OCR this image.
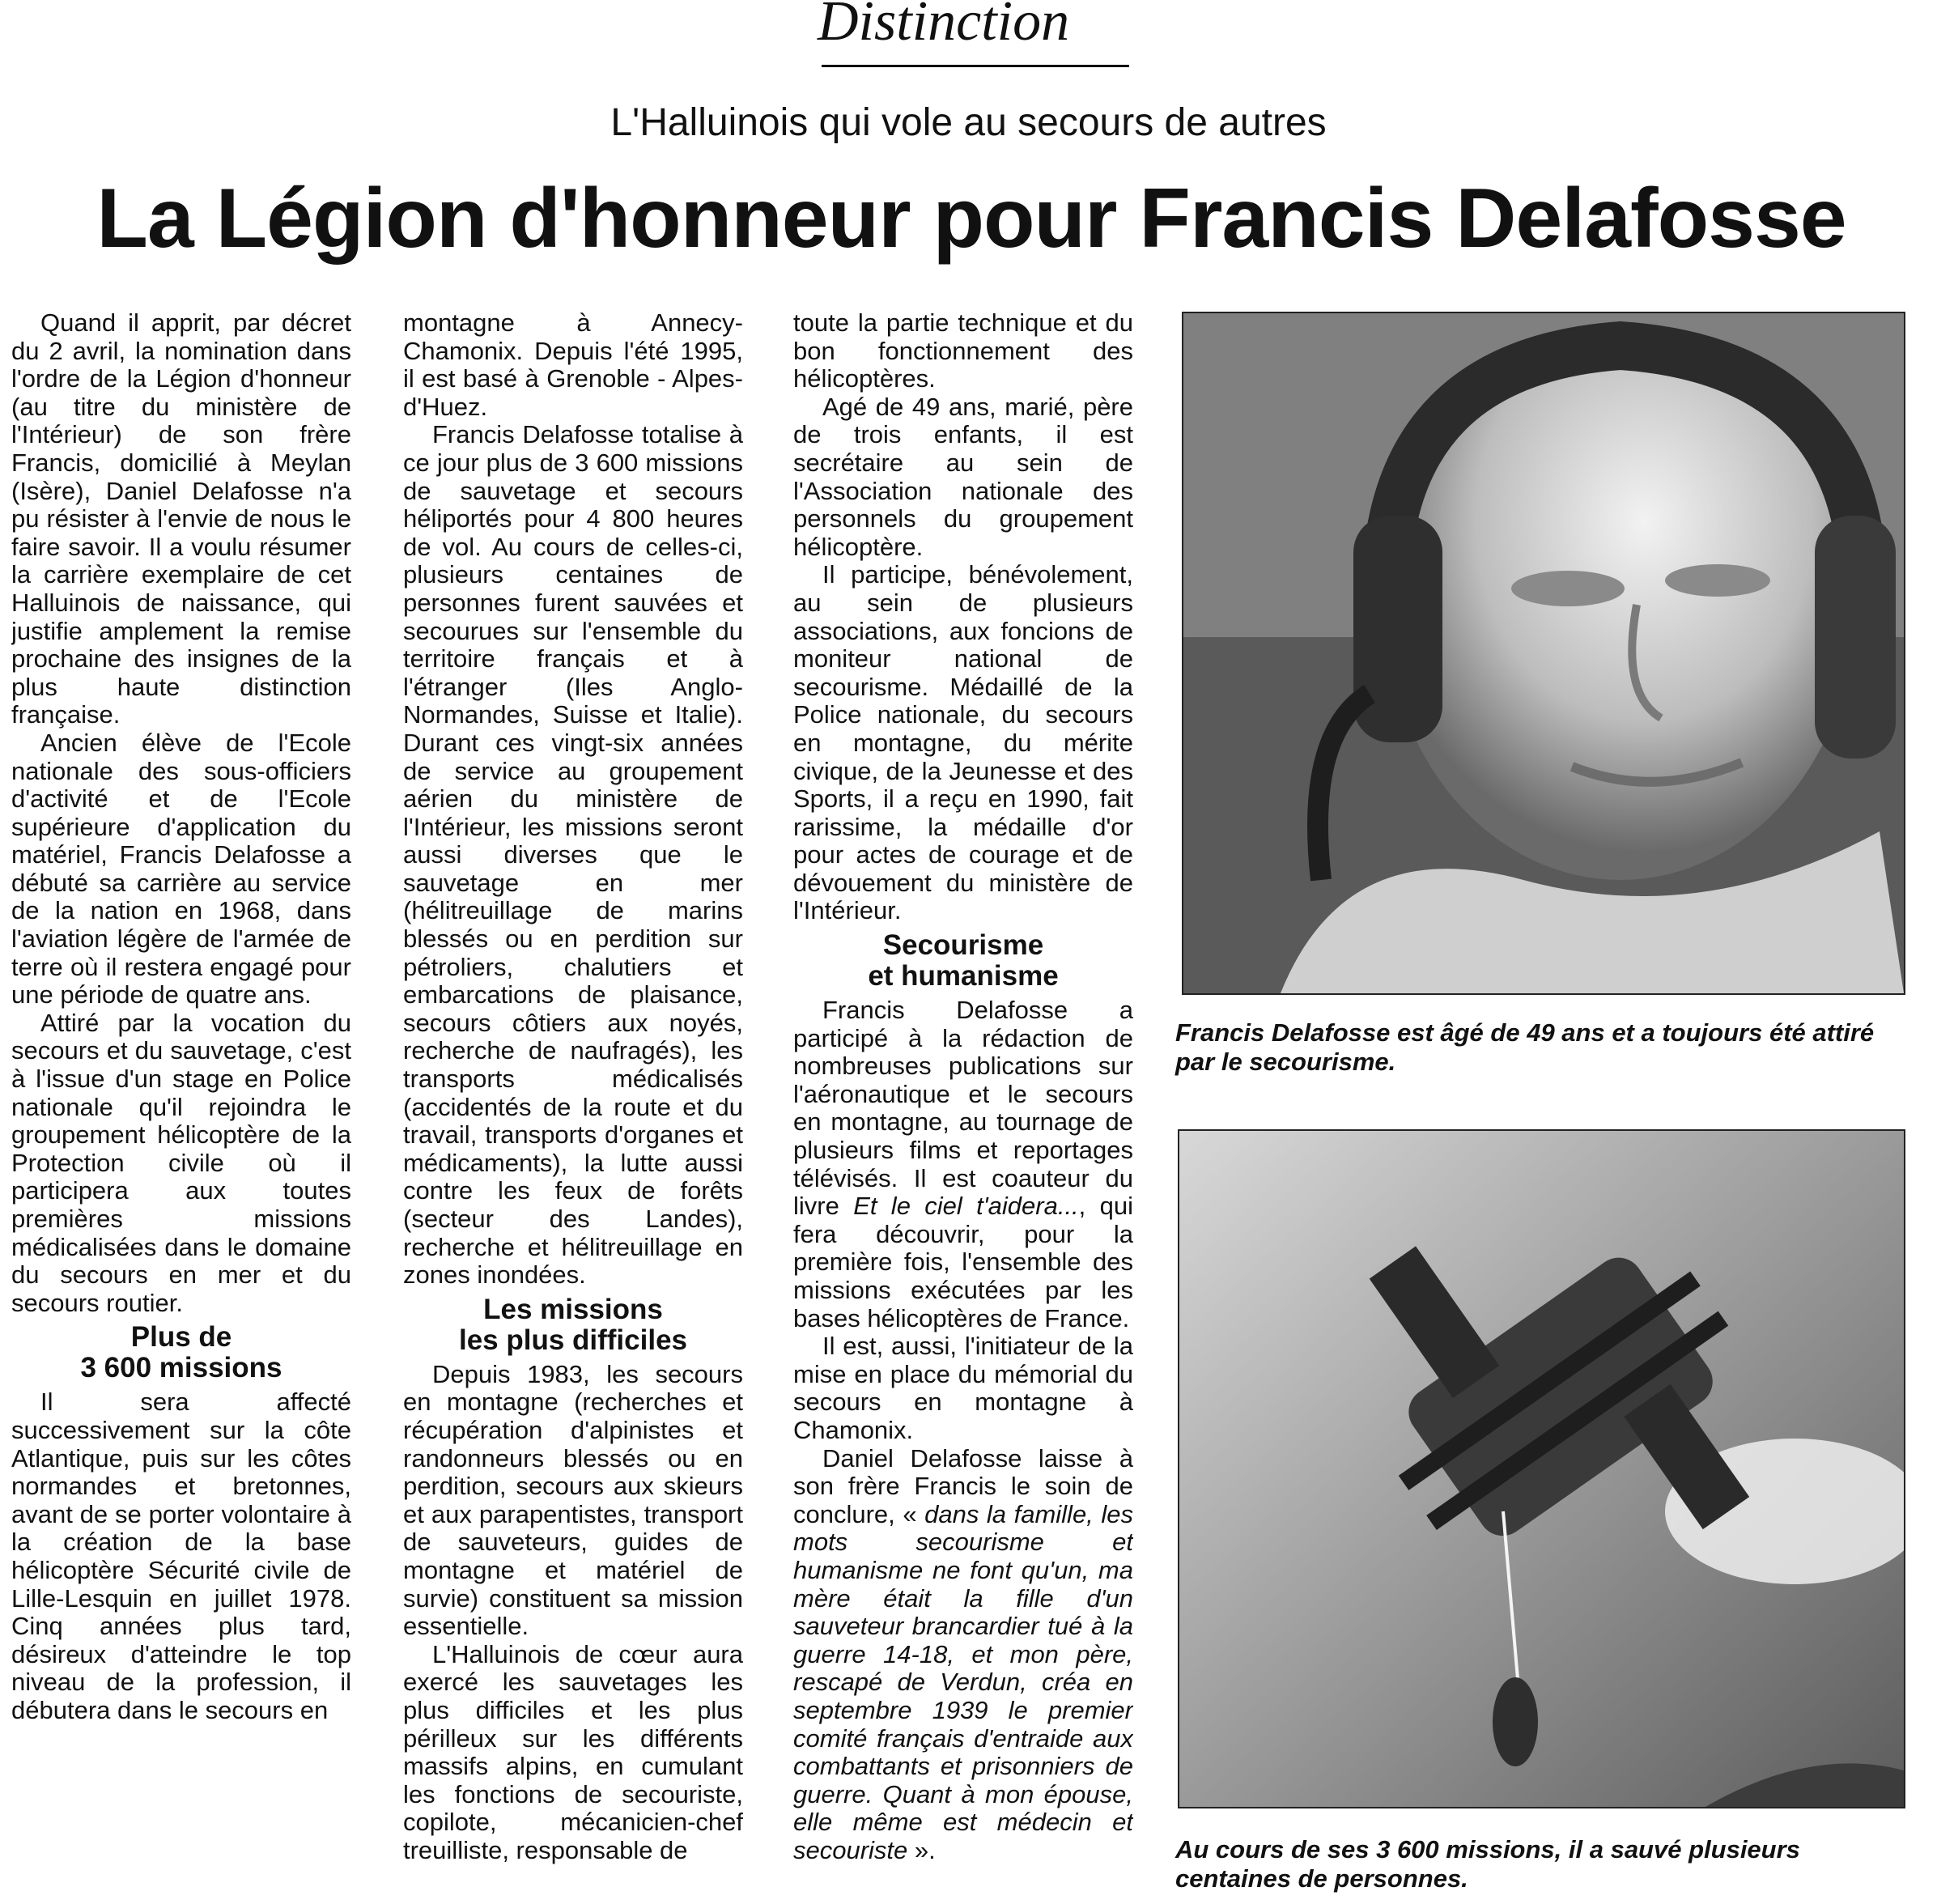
Distinction
L'Halluinois qui vole au secours de autres
La Légion d'honneur pour Francis Delafosse

Quand il apprit, par décret du 2 avril, la nomination dans l'ordre de la Légion d'honneur (au titre du ministère de l'Intérieur) de son frère Francis, domicilié à Meylan (Isère), Daniel Delafosse n'a pu résister à l'envie de nous le faire savoir. Il a voulu résumer la carrière exemplaire de cet Halluinois de naissance, qui justifie amplement la remise prochaine des insignes de la plus haute distinction française.

Ancien élève de l'Ecole nationale des sous-officiers d'activité et de l'Ecole supérieure d'application du matériel, Francis Delafosse a débuté sa carrière au service de la nation en 1968, dans l'aviation légère de l'armée de terre où il restera engagé pour une période de quatre ans.

Attiré par la vocation du secours et du sauvetage, c'est à l'issue d'un stage en Police nationale qu'il rejoindra le groupement hélicoptère de la Protection civile où il participera aux toutes premières missions médicalisées dans le domaine du secours en mer et du secours routier.

Plus de
3 600 missions

Il sera affecté successivement sur la côte Atlantique, puis sur les côtes normandes et bretonnes, avant de se porter volontaire à la création de la base hélicoptère Sécurité civile de Lille-Lesquin en juillet 1978. Cinq années plus tard, désireux d'atteindre le top niveau de la profession, il débutera dans le secours en

montagne à Annecy-Chamonix. Depuis l'été 1995, il est basé à Grenoble - Alpes-d'Huez.

Francis Delafosse totalise à ce jour plus de 3 600 missions de sauvetage et secours héliportés pour 4 800 heures de vol. Au cours de celles-ci, plusieurs centaines de personnes furent sauvées et secourues sur l'ensemble du territoire français et à l'étranger (Iles Anglo-Normandes, Suisse et Italie). Durant ces vingt-six années de service au groupement aérien du ministère de l'Intérieur, les missions seront aussi diverses que le sauvetage en mer (hélitreuillage de marins blessés ou en perdition sur pétroliers, chalutiers et embarcations de plaisance, secours côtiers aux noyés, recherche de naufragés), les transports médicalisés (accidentés de la route et du travail, transports d'organes et médicaments), la lutte aussi contre les feux de forêts (secteur des Landes), recherche et hélitreuillage en zones inondées.

Les missions
les plus difficiles

Depuis 1983, les secours en montagne (recherches et récupération d'alpinistes et randonneurs blessés ou en perdition, secours aux skieurs et aux parapentistes, transport de sauveteurs, guides de montagne et matériel de survie) constituent sa mission essentielle.

L'Halluinois de cœur aura exercé les sauvetages les plus difficiles et les plus périlleux sur les différents massifs alpins, en cumulant les fonctions de secouriste, copilote, mécanicien-chef treuilliste, responsable de

toute la partie technique et du bon fonctionnement des hélicoptères.

Agé de 49 ans, marié, père de trois enfants, il est secrétaire au sein de l'Association nationale des personnels du groupement hélicoptère.

Il participe, bénévolement, au sein de plusieurs associations, aux foncions de moniteur national de secourisme. Médaillé de la Police nationale, du secours en montagne, du mérite civique, de la Jeunesse et des Sports, il a reçu en 1990, fait rarissime, la médaille d'or pour actes de courage et de dévouement du ministère de l'Intérieur.

Secourisme
et humanisme

Francis Delafosse a participé à la rédaction de nombreuses publications sur l'aéronautique et le secours en montagne, au tournage de plusieurs films et reportages télévisés. Il est coauteur du livre Et le ciel t'aidera..., qui fera découvrir, pour la première fois, l'ensemble des missions exécutées par les bases hélicoptères de France.

Il est, aussi, l'initiateur de la mise en place du mémorial du secours en montagne à Chamonix.

Daniel Delafosse laisse à son frère Francis le soin de conclure, « dans la famille, les mots secourisme et humanisme ne font qu'un, ma mère était la fille d'un sauveteur brancardier tué à la guerre 14-18, et mon père, rescapé de Verdun, créa en septembre 1939 le premier comité français d'entraide aux combattants et prisonniers de guerre. Quant à mon épouse, elle même est médecin et secouriste ».

Francis Delafosse est âgé de 49 ans et a toujours été attiré par le secourisme.
Au cours de ses 3 600 missions, il a sauvé plusieurs centaines de personnes.
